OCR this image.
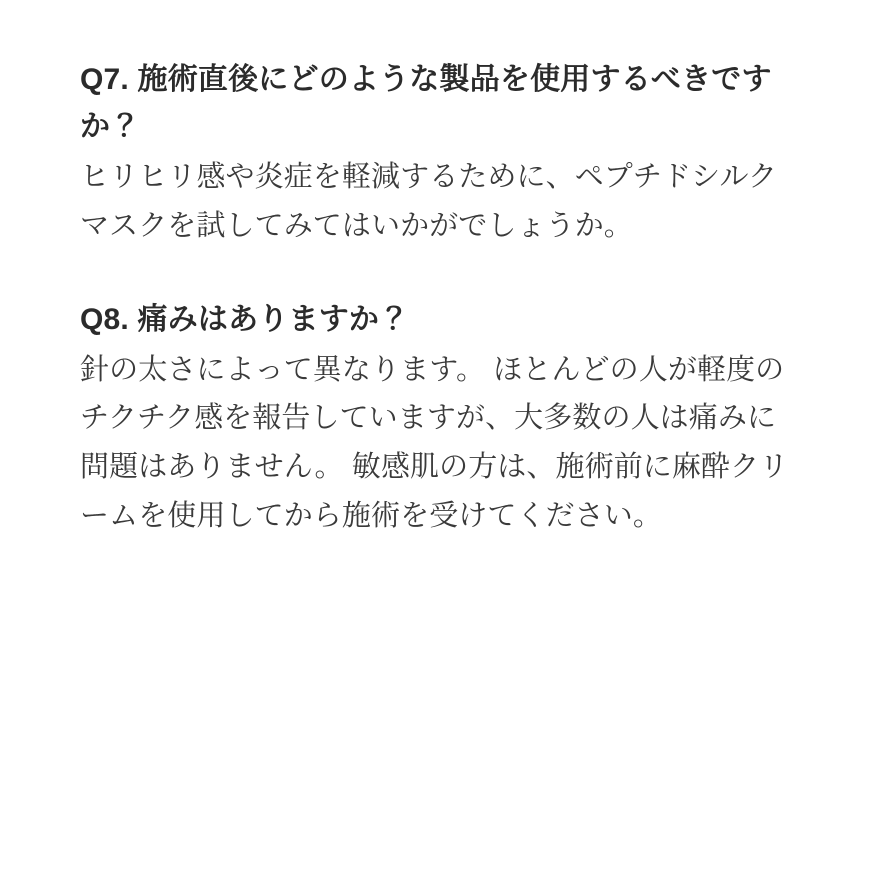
Q7. 施術直後にどのような製品を使用するべきですか？

ヒリヒリ感や炎症を軽減するために、ペプチドシルクマスクを試してみてはいかがでしょうか。

Q8. 痛みはありますか？

針の太さによって異なります。 ほとんどの人が軽度のチクチク感を報告していますが、大多数の人は痛みに問題はありません。 敏感肌の方は、施術前に麻酔クリームを使用してから施術を受けてください。
